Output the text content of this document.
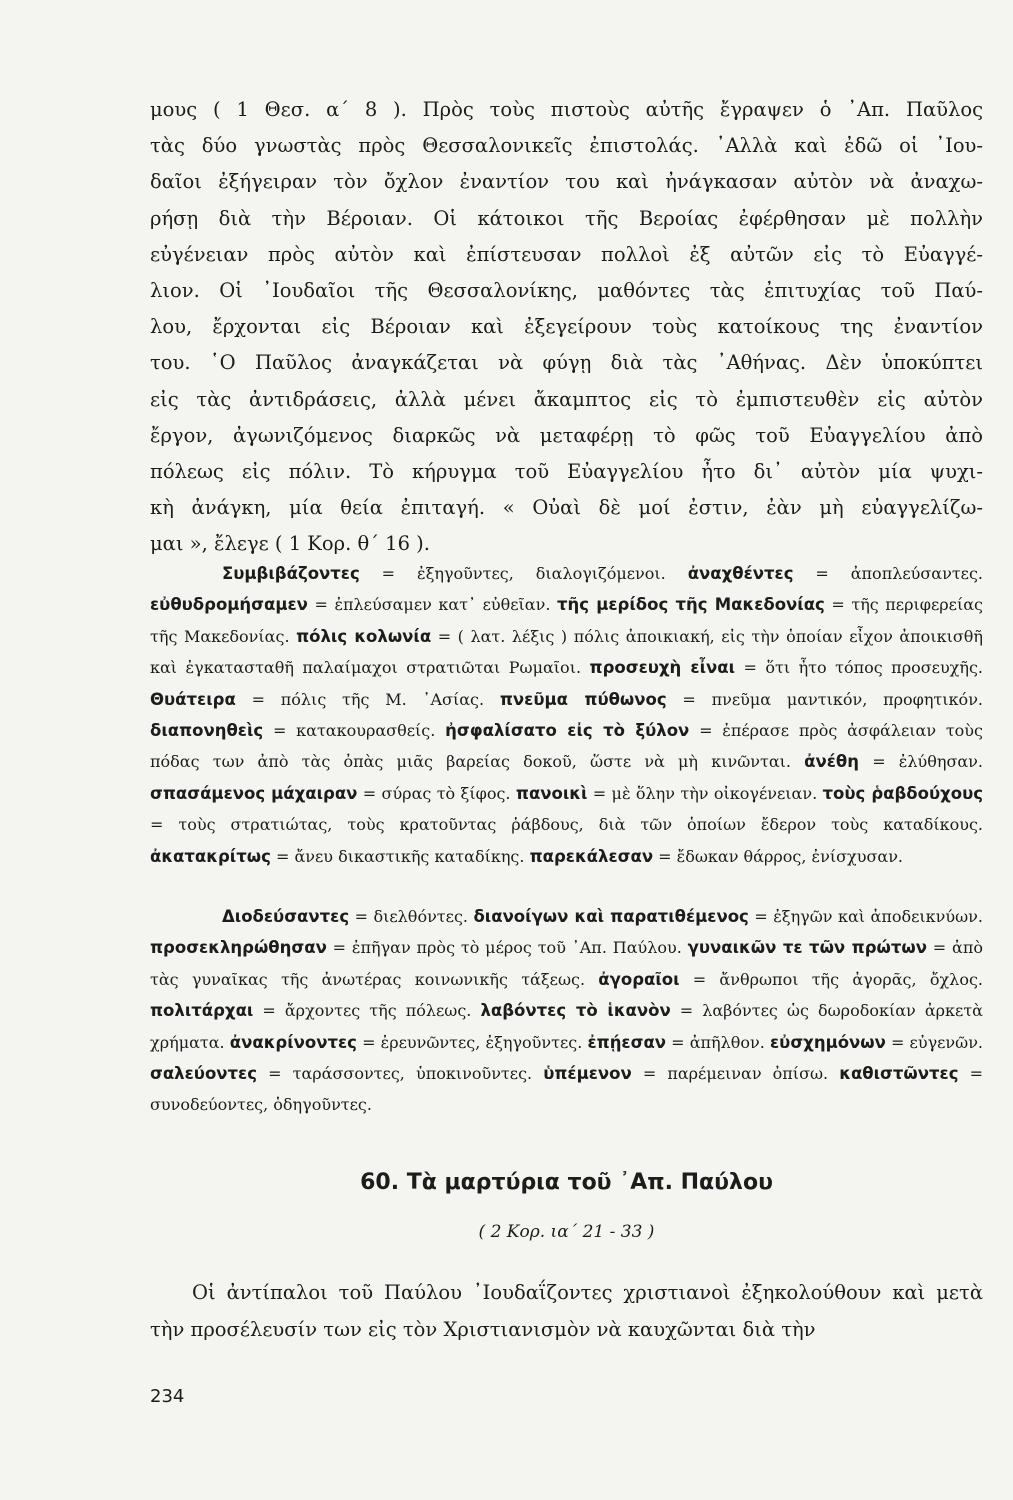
μους ( 1 Θεσ. α΄ 8 ). Πρὸς τοὺς πιστοὺς αὐτῆς ἔγραψεν ὁ ᾽Απ. Παῦλος
τὰς δύο γνωστὰς πρὸς Θεσσαλονικεῖς ἐπιστολάς. ᾽Αλλὰ καὶ ἐδῶ οἱ ᾽Ιου-
δαῖοι ἐξήγειραν τὸν ὄχλον ἐναντίον του καὶ ἠνάγκασαν αὐτὸν νὰ ἀναχω-
ρήσῃ διὰ τὴν Βέροιαν. Οἱ κάτοικοι τῆς Βεροίας ἐφέρθησαν μὲ πολλὴν
εὐγένειαν πρὸς αὐτὸν καὶ ἐπίστευσαν πολλοὶ ἐξ αὐτῶν εἰς τὸ Εὐαγγέ-
λιον. Οἱ ᾽Ιουδαῖοι τῆς Θεσσαλονίκης, μαθόντες τὰς ἐπιτυχίας τοῦ Παύ-
λου, ἔρχονται εἰς Βέροιαν καὶ ἐξεγείρουν τοὺς κατοίκους της ἐναντίον
του. ῾Ο Παῦλος ἀναγκάζεται νὰ φύγῃ διὰ τὰς ᾽Αθήνας. Δὲν ὑποκύπτει
εἰς τὰς ἀντιδράσεις, ἀλλὰ μένει ἄκαμπτος εἰς τὸ ἐμπιστευθὲν εἰς αὐτὸν
ἔργον, ἀγωνιζόμενος διαρκῶς νὰ μεταφέρῃ τὸ φῶς τοῦ Εὐαγγελίου ἀπὸ
πόλεως εἰς πόλιν. Τὸ κήρυγμα τοῦ Εὐαγγελίου ἦτο δι᾽ αὐτὸν μία ψυχι-
κὴ ἀνάγκη, μία θεία ἐπιταγή. « Οὐαὶ δὲ μοί ἐστιν, ἐὰν μὴ εὐαγγελίζω-
μαι », ἔλεγε ( 1 Κορ. θ΄ 16 ).

Συμβιβάζοντες = ἐξηγοῦντες, διαλογιζόμενοι. ἀναχθέντες = ἀποπλεύσαντες. εὐθυδρομήσαμεν = ἐπλεύσαμεν κατ᾽ εὐθεῖαν. τῆς μερίδος τῆς Μακεδονίας = τῆς περιφερείας τῆς Μακεδονίας. πόλις κολωνία = ( λατ. λέξις ) πόλις ἀποικιακή, εἰς τὴν ὁποίαν εἶχον ἀποικισθῆ καὶ ἐγκατασταθῆ παλαίμαχοι στρατιῶται Ρωμαῖοι. προσευχὴ εἶναι = ὅτι ἦτο τόπος προσευχῆς. Θυάτειρα = πόλις τῆς Μ. ᾽Ασίας. πνεῦμα πύθωνος = πνεῦμα μαντικόν, προφητικόν. διαπονηθεὶς = κατακουρασθείς. ἠσφαλίσατο εἰς τὸ ξύλον = ἐπέρασε πρὸς ἀσφάλειαν τοὺς πόδας των ἀπὸ τὰς ὀπὰς μιᾶς βαρείας δοκοῦ, ὥστε νὰ μὴ κινῶνται. ἀνέθη = ἐλύθησαν. σπασάμενος μάχαιραν = σύρας τὸ ξίφος. πανοικὶ = μὲ ὅλην τὴν οἰκογένειαν. τοὺς ῥαβδούχους = τοὺς στρατιώτας, τοὺς κρατοῦντας ῥάβδους, διὰ τῶν ὁποίων ἔδερον τοὺς καταδίκους. ἀκατακρίτως = ἄνευ δικαστικῆς καταδίκης. παρεκάλεσαν = ἔδωκαν θάρρος, ἐνίσχυσαν.

Διοδεύσαντες = διελθόντες. διανοίγων καὶ παρατιθέμενος = ἐξηγῶν καὶ ἀποδεικνύων. προσεκληρώθησαν = ἐπῆγαν πρὸς τὸ μέρος τοῦ ᾽Απ. Παύλου. γυναικῶν τε τῶν πρώτων = ἀπὸ τὰς γυναῖκας τῆς ἀνωτέρας κοινωνικῆς τάξεως. ἀγοραῖοι = ἄνθρωποι τῆς ἀγορᾶς, ὄχλος. πολιτάρχαι = ἄρχοντες τῆς πόλεως. λαβόντες τὸ ἱκανὸν = λαβόντες ὡς δωροδοκίαν ἀρκετὰ χρήματα. ἀνακρίνοντες = ἐρευνῶντες, ἐξηγοῦντες. ἐπῄεσαν = ἀπῆλθον. εὐσχημόνων = εὐγενῶν. σαλεύοντες = ταράσσοντες, ὑποκινοῦντες. ὑπέμενον = παρέμειναν ὀπίσω. καθιστῶντες = συνοδεύοντες, ὁδηγοῦντες.

60. Τὰ μαρτύρια τοῦ ᾽Απ. Παύλου
( 2 Κορ. ια΄ 21 - 33 )

Οἱ ἀντίπαλοι τοῦ Παύλου ᾽Ιουδαΐζοντες χριστιανοὶ ἐξηκολούθουν καὶ μετὰ τὴν προσέλευσίν των εἰς τὸν Χριστιανισμὸν νὰ καυχῶνται διὰ τὴν

234
